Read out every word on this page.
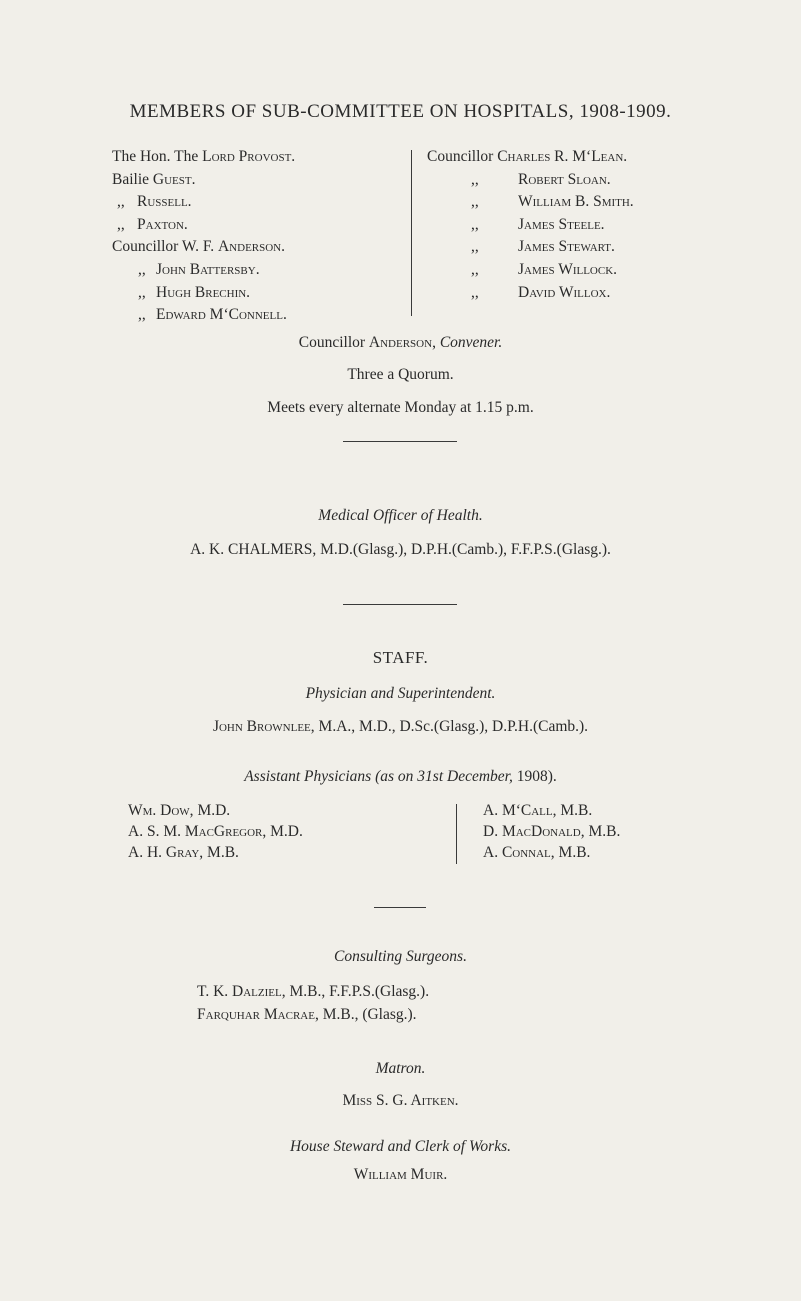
MEMBERS OF SUB-COMMITTEE ON HOSPITALS, 1908-1909.
The Hon. The Lord Provost.
Bailie Guest.
,, Russell.
,, Paxton.
Councillor W. F. Anderson.
,, John Battersby.
,, Hugh Brechin.
,, Edward M‘Connell.
Councillor Charles R. M‘Lean.
,,	Robert Sloan.
,,	William B. Smith.
,,	James Steele.
,,	James Stewart.
,,	James Willock.
,,	David Willox.
Councillor Anderson, Convener.
Three a Quorum.
Meets every alternate Monday at 1.15 p.m.
Medical Officer of Health.
A. K. CHALMERS, M.D.(Glasg.), D.P.H.(Camb.), F.F.P.S.(Glasg.).
STAFF.
Physician and Superintendent.
John Brownlee, M.A., M.D., D.Sc.(Glasg.), D.P.H.(Camb.).
Assistant Physicians (as on 31st December, 1908).
Wm. Dow, M.D.
A. S. M. MacGregor, M.D.
A. H. Gray, M.B.
A. M‘Call, M.B.
D. MacDonald, M.B.
A. Connal, M.B.
Consulting Surgeons.
T. K. Dalziel, M.B., F.F.P.S.(Glasg.).
Farquhar Macrae, M.B., (Glasg.).
Matron.
Miss S. G. Aitken.
House Steward and Clerk of Works.
William Muir.
